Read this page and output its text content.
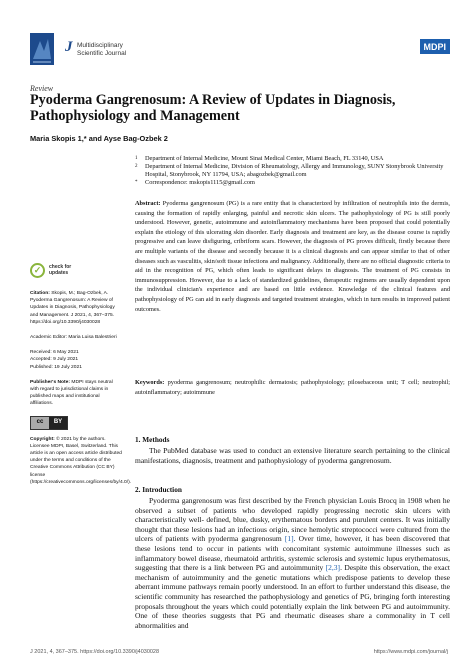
J Multidisciplinary
Scientific Journal
MDPI
Review
Pyoderma Gangrenosum: A Review of Updates in Diagnosis, Pathophysiology and Management
Maria Skopis 1,* and Ayse Bag-Ozbek 2
1	Department of Internal Medicine, Mount Sinai Medical Center, Miami Beach, FL 33140, USA
2	Department of Internal Medicine, Division of Rheumatology, Allergy and Immunology, SUNY Stonybrook University Hospital, Stonybrook, NY 11794, USA; abagozbek@gmail.com
*	Correspondence: mskopis1115@gmail.com
Abstract: Pyoderma gangrenosum (PG) is a rare entity that is characterized by infiltration of neutrophils into the dermis, causing the formation of rapidly enlarging, painful and necrotic skin ulcers. The pathophysiology of PG is still poorly understood. However, genetic, autoimmune and autoinflammatory mechanisms have been proposed that could potentially explain the etiology of this ulcerating skin disorder. Early diagnosis and treatment are key, as the disease course is rapidly progressive and can leave disfiguring, cribriform scars. However, the diagnosis of PG proves difficult, firstly because there are multiple variants of the disease and secondly because it is a clinical diagnosis and can appear similar to that of other diseases such as vasculitis, skin/soft tissue infections and malignancy. Additionally, there are no official diagnostic criteria to aid in the recognition of PG, which often leads to significant delays in diagnosis. The treatment of PG consists in immunosuppression. However, due to a lack of standardized guidelines, therapeutic regimens are usually dependent upon the individual clinician's experience and are based on little evidence. Knowledge of the clinical features and pathophysiology of PG can aid in early diagnosis and targeted treatment strategies, which in turn results in improved patient outcomes.
Keywords: pyoderma gangrenosum; neutrophilic dermatosis; pathophysiology; pilosebaceous unit; T cell; neutrophil; autoinflammatory; autoimmune
✓	check for
updates
Citation: Skopis, M.; Bag-Ozbek, A. Pyoderma Gangrenosum: A Review of Updates in Diagnosis, Pathophysiology and Management. J 2021, 4, 367–375. https://doi.org/10.3390/j4030028
Academic Editor: Maria Luisa Balestrieri
Received: 6 May 2021
Accepted: 9 July 2021
Published: 19 July 2021
Publisher's Note: MDPI stays neutral with regard to jurisdictional claims in published maps and institutional affiliations.
cc	BY
Copyright: © 2021 by the authors. Licensee MDPI, Basel, Switzerland. This article is an open access article distributed under the terms and conditions of the Creative Commons Attribution (CC BY) license (https://creativecommons.org/licenses/by/4.0/).
1. Methods
The PubMed database was used to conduct an extensive literature search pertaining to the clinical manifestations, diagnosis, treatment and pathophysiology of pyoderma gangrenosum.
2. Introduction
Pyoderma gangrenosum was first described by the French physician Louis Brocq in 1908 when he observed a subset of patients who developed rapidly progressing necrotic skin ulcers with characteristically well- defined, blue, dusky, erythematous borders and purulent centers. It was initially thought that these lesions had an infectious origin, since hemolytic streptococci were cultured from the ulcers of patients with pyoderma gangrenosum [1]. Over time, however, it has been discovered that these lesions tend to occur in patients with concomitant systemic autoimmune illnesses such as inflammatory bowel disease, rheumatoid arthritis, systemic sclerosis and systemic lupus erythematosus, suggesting that there is a link between PG and autoimmunity [2,3]. Despite this observation, the exact mechanism of autoimmunity and the genetic mutations which predispose patients to develop these aberrant immune pathways remain poorly understood. In an effort to further understand this disease, the scientific community has researched the pathophysiology and genetics of PG, bringing forth interesting proposals throughout the years which could potentially explain the link between PG and autoimmunity. One of these theories suggests that PG and rheumatic diseases share a commonality in T cell abnormalities and
J 2021, 4, 367–375. https://doi.org/10.3390/j4030028	https://www.mdpi.com/journal/j
